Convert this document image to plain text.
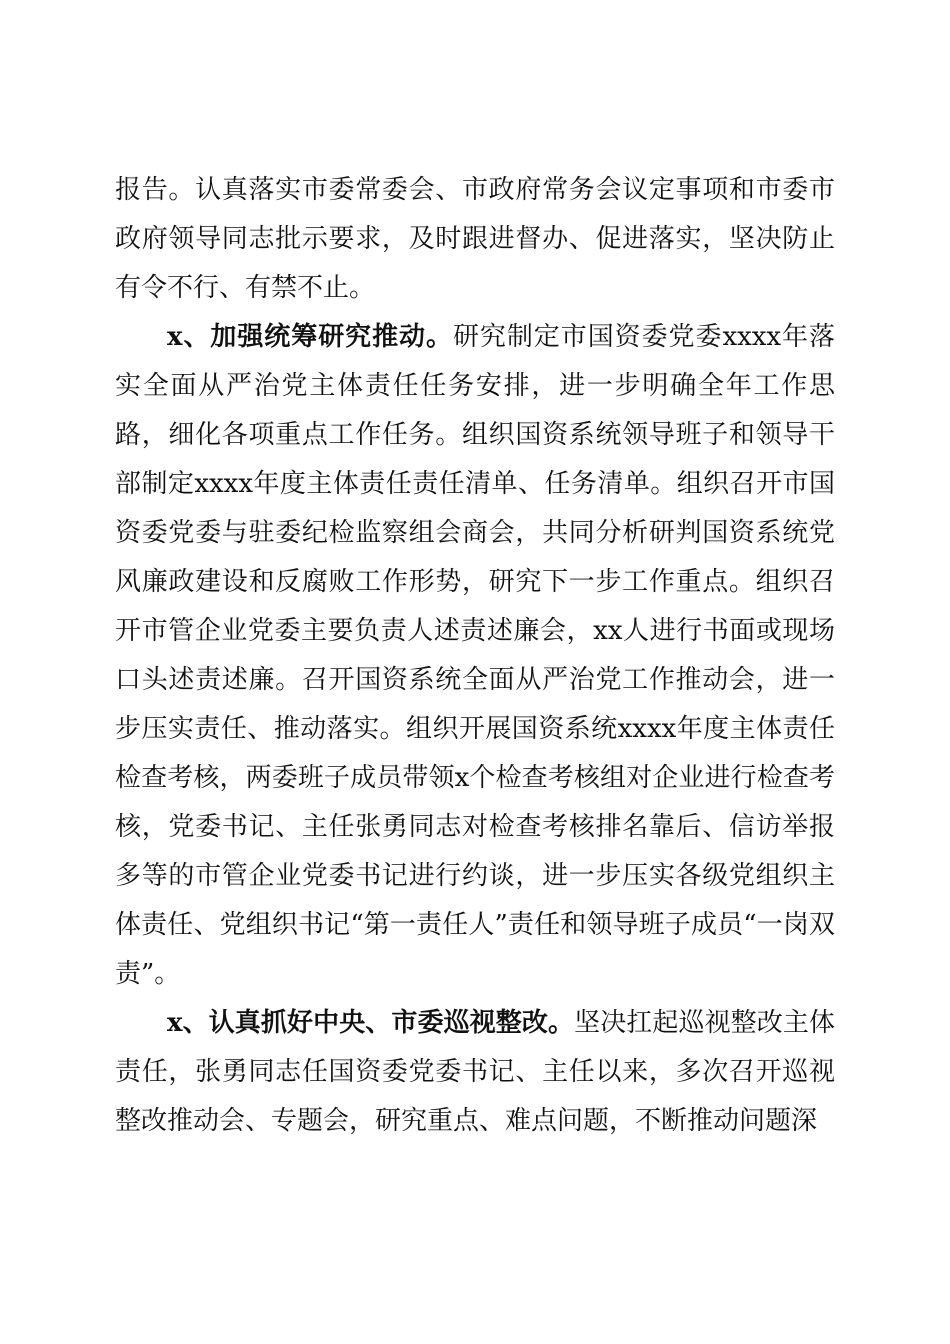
报告。认真落实市委常委会、市政府常务会议定事项和市委市政府领导同志批示要求，及时跟进督办、促进落实，坚决防止有令不行、有禁不止。

x、加强统筹研究推动。研究制定市国资委党委xxxx年落实全面从严治党主体责任任务安排，进一步明确全年工作思路，细化各项重点工作任务。组织国资系统领导班子和领导干部制定xxxx年度主体责任责任清单、任务清单。组织召开市国资委党委与驻委纪检监察组会商会，共同分析研判国资系统党风廉政建设和反腐败工作形势，研究下一步工作重点。组织召开市管企业党委主要负责人述责述廉会，xx人进行书面或现场口头述责述廉。召开国资系统全面从严治党工作推动会，进一步压实责任、推动落实。组织开展国资系统xxxx年度主体责任检查考核，两委班子成员带领x个检查考核组对企业进行检查考核，党委书记、主任张勇同志对检查考核排名靠后、信访举报多等的市管企业党委书记进行约谈，进一步压实各级党组织主体责任、党组织书记“第一责任人”责任和领导班子成员“一岗双责”。

x、认真抓好中央、市委巡视整改。坚决扛起巡视整改主体责任，张勇同志任国资委党委书记、主任以来，多次召开巡视整改推动会、专题会，研究重点、难点问题，不断推动问题深
